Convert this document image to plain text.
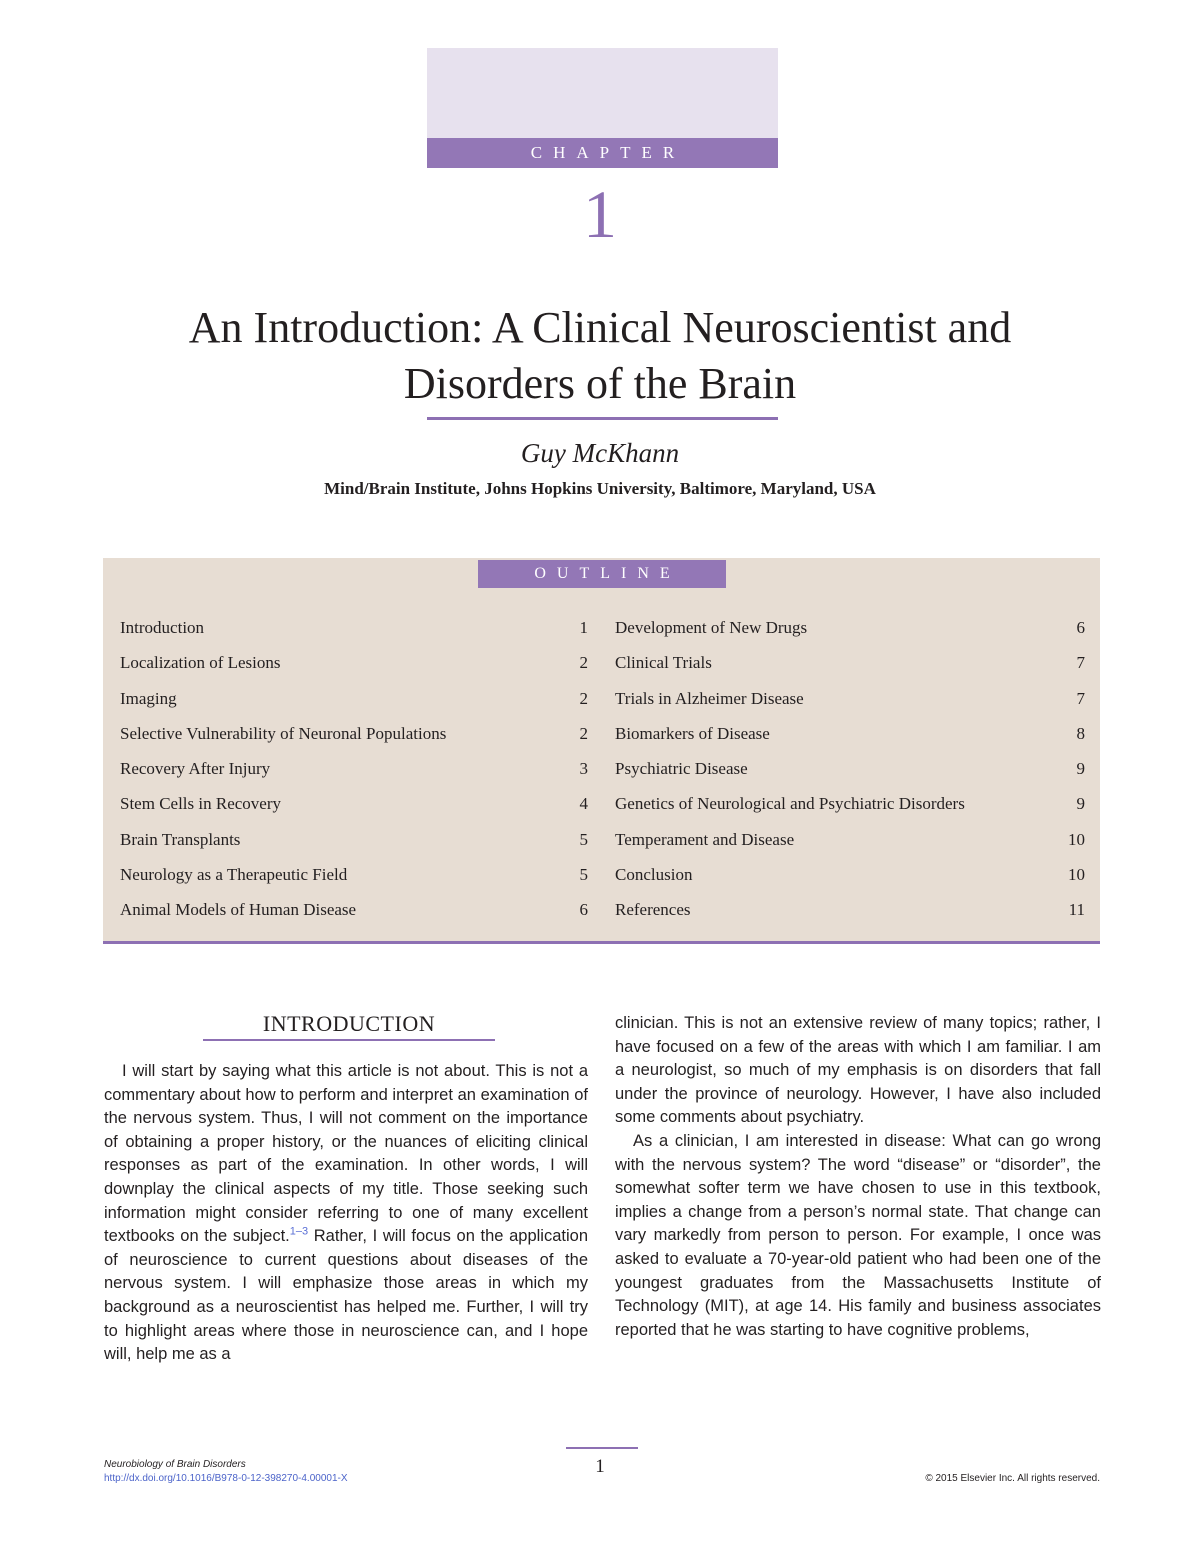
CHAPTER
1
An Introduction: A Clinical Neuroscientist and
Disorders of the Brain
Guy McKhann
Mind/Brain Institute, Johns Hopkins University, Baltimore, Maryland, USA
OUTLINE
Introduction	1
Localization of Lesions	2
Imaging	2
Selective Vulnerability of Neuronal Populations	2
Recovery After Injury	3
Stem Cells in Recovery	4
Brain Transplants	5
Neurology as a Therapeutic Field	5
Animal Models of Human Disease	6
Development of New Drugs	6
Clinical Trials	7
Trials in Alzheimer Disease	7
Biomarkers of Disease	8
Psychiatric Disease	9
Genetics of Neurological and Psychiatric Disorders	9
Temperament and Disease	10
Conclusion	10
References	11
INTRODUCTION

I will start by saying what this article is not about. This is not a commentary about how to perform and interpret an examination of the nervous system. Thus, I will not comment on the importance of obtaining a proper history, or the nuances of eliciting clinical responses as part of the examination. In other words, I will downplay the clinical aspects of my title. Those seeking such information might consider referring to one of many excellent textbooks on the subject.$^{1-3}$ Rather, I will focus on the application of neuroscience to current questions about diseases of the nervous system. I will emphasize those areas in which my background as a neuroscientist has helped me. Further, I will try to highlight areas where those in neuroscience can, and I hope will, help me as a

clinician. This is not an extensive review of many topics; rather, I have focused on a few of the areas with which I am familiar. I am a neurologist, so much of my emphasis is on disorders that fall under the province of neurology. However, I have also included some comments about psychiatry.

As a clinician, I am interested in disease: What can go wrong with the nervous system? The word “disease” or “disorder”, the somewhat softer term we have chosen to use in this textbook, implies a change from a person’s normal state. That change can vary markedly from person to person. For example, I once was asked to evaluate a 70-year-old patient who had been one of the youngest graduates from the Massachusetts Institute of Technology (MIT), at age 14. His family and business associates reported that he was starting to have cognitive problems,

1
Neurobiology of Brain Disorders
http://dx.doi.org/10.1016/B978-0-12-398270-4.00001-X	© 2015 Elsevier Inc. All rights reserved.
